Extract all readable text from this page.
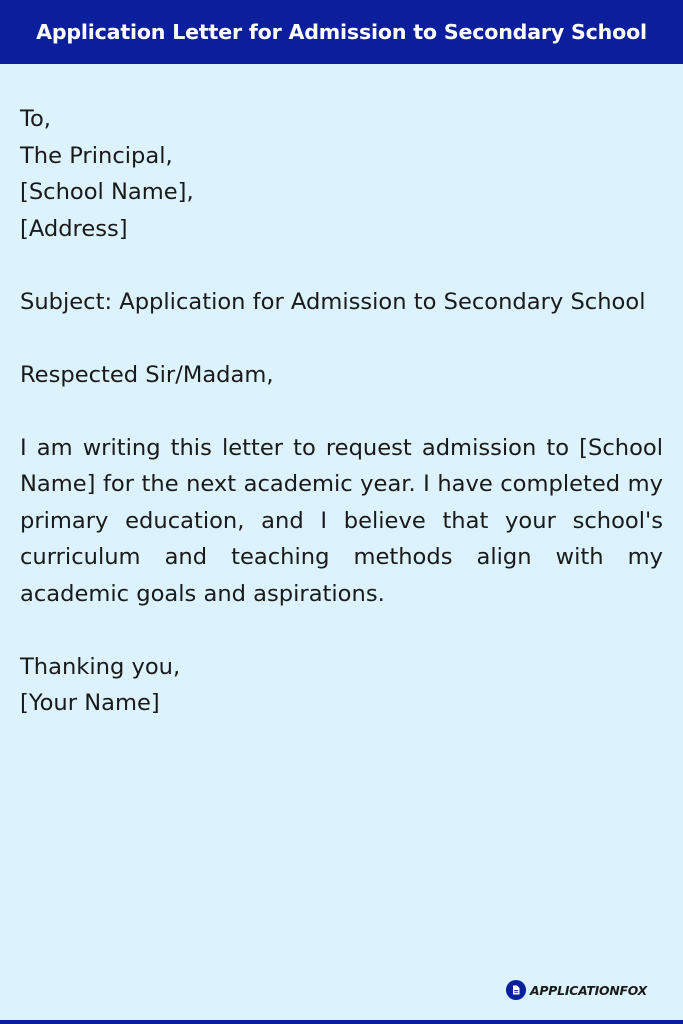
Application Letter for Admission to Secondary School
To,
The Principal,
[School Name],
[Address]

Subject: Application for Admission to Secondary School

Respected Sir/Madam,

I am writing this letter to request admission to [School Name] for the next academic year. I have completed my primary education, and I believe that your school's curriculum and teaching methods align with my academic goals and aspirations.

Thanking you,
[Your Name]
APPLICATIONFOX
